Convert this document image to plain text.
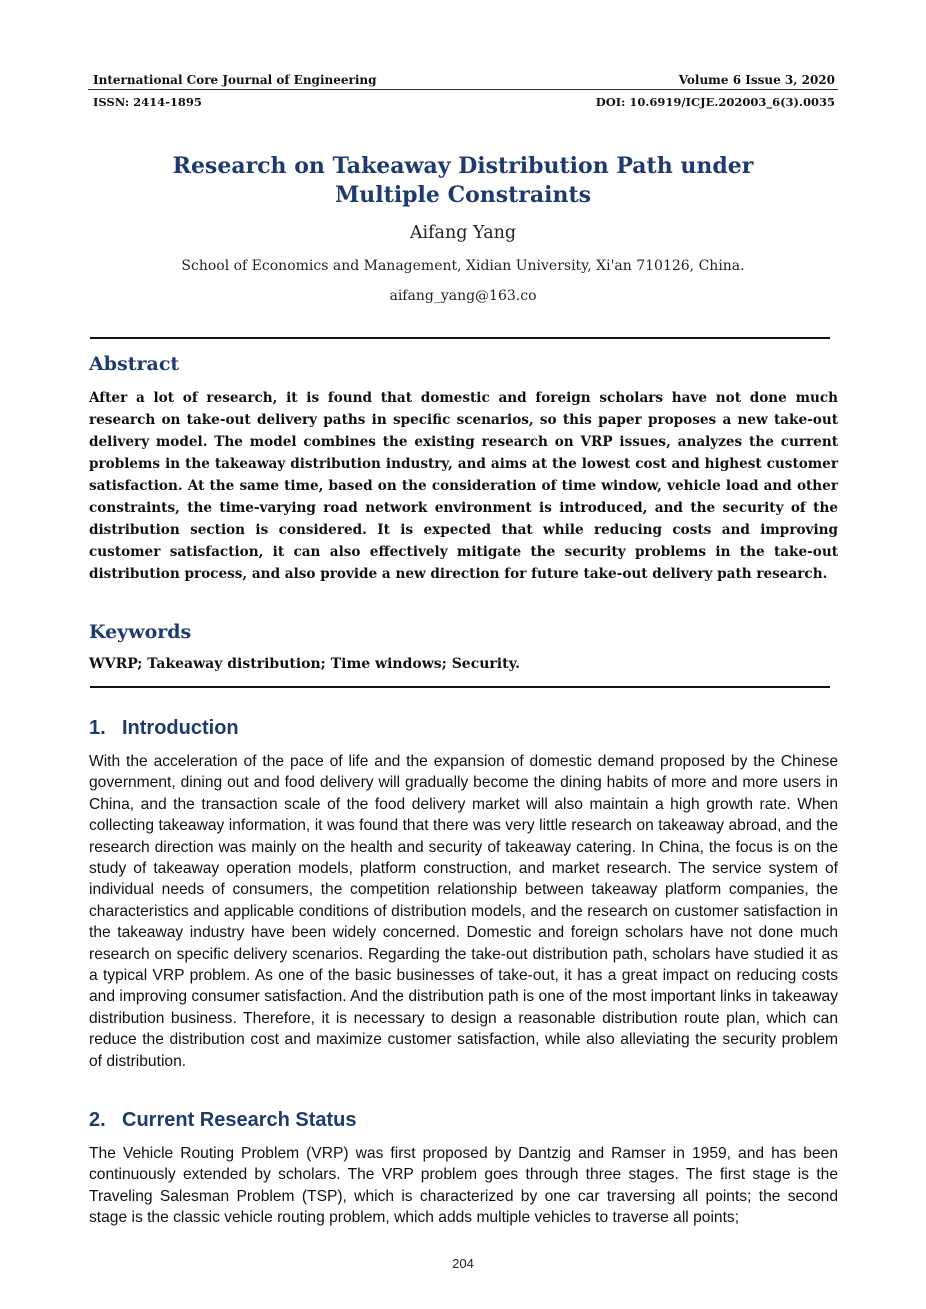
International Core Journal of Engineering	Volume 6 Issue 3, 2020
ISSN: 2414-1895	DOI: 10.6919/ICJE.202003_6(3).0035
Research on Takeaway Distribution Path under Multiple Constraints
Aifang Yang
School of Economics and Management, Xidian University, Xi'an 710126, China.
aifang_yang@163.co
Abstract
After a lot of research, it is found that domestic and foreign scholars have not done much research on take-out delivery paths in specific scenarios, so this paper proposes a new take-out delivery model. The model combines the existing research on VRP issues, analyzes the current problems in the takeaway distribution industry, and aims at the lowest cost and highest customer satisfaction. At the same time, based on the consideration of time window, vehicle load and other constraints, the time-varying road network environment is introduced, and the security of the distribution section is considered. It is expected that while reducing costs and improving customer satisfaction, it can also effectively mitigate the security problems in the take-out distribution process, and also provide a new direction for future take-out delivery path research.
Keywords
WVRP; Takeaway distribution; Time windows; Security.
1. Introduction
With the acceleration of the pace of life and the expansion of domestic demand proposed by the Chinese government, dining out and food delivery will gradually become the dining habits of more and more users in China, and the transaction scale of the food delivery market will also maintain a high growth rate. When collecting takeaway information, it was found that there was very little research on takeaway abroad, and the research direction was mainly on the health and security of takeaway catering. In China, the focus is on the study of takeaway operation models, platform construction, and market research. The service system of individual needs of consumers, the competition relationship between takeaway platform companies, the characteristics and applicable conditions of distribution models, and the research on customer satisfaction in the takeaway industry have been widely concerned. Domestic and foreign scholars have not done much research on specific delivery scenarios. Regarding the take-out distribution path, scholars have studied it as a typical VRP problem. As one of the basic businesses of take-out, it has a great impact on reducing costs and improving consumer satisfaction. And the distribution path is one of the most important links in takeaway distribution business. Therefore, it is necessary to design a reasonable distribution route plan, which can reduce the distribution cost and maximize customer satisfaction, while also alleviating the security problem of distribution.
2. Current Research Status
The Vehicle Routing Problem (VRP) was first proposed by Dantzig and Ramser in 1959, and has been continuously extended by scholars. The VRP problem goes through three stages. The first stage is the Traveling Salesman Problem (TSP), which is characterized by one car traversing all points; the second stage is the classic vehicle routing problem, which adds multiple vehicles to traverse all points;
204
